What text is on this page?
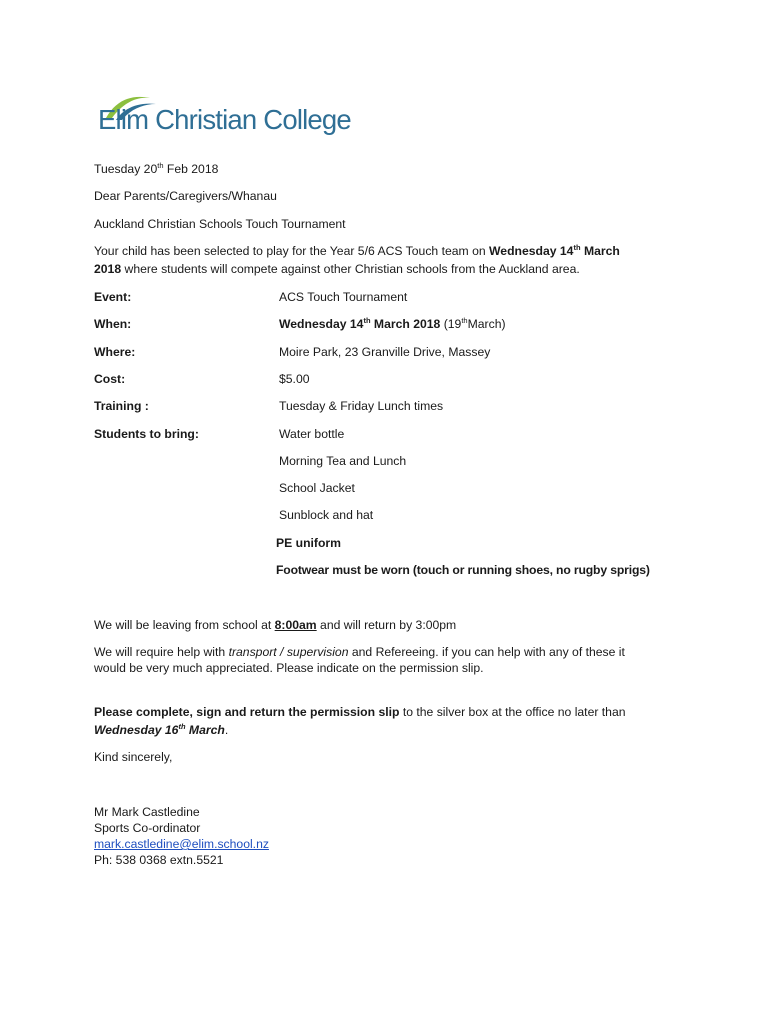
Elim Christian College
Tuesday 20th Feb 2018
Dear Parents/Caregivers/Whanau
Auckland Christian Schools Touch Tournament
Your child has been selected to play for the Year 5/6 ACS Touch team on Wednesday 14th March
2018 where students will compete against other Christian schools from the Auckland area.
Event:	ACS Touch Tournament
When:	Wednesday 14th March 2018 (19thMarch)
Where:	Moire Park, 23 Granville Drive, Massey
Cost:	$5.00
Training :	Tuesday & Friday Lunch times
Students to bring:	Water bottle
Morning Tea and Lunch
School Jacket
Sunblock and hat
PE uniform
Footwear must be worn (touch or running shoes, no rugby sprigs)
We will be leaving from school at 8:00am and will return by 3:00pm
We will require help with transport / supervision and Refereeing. if you can help with any of these it
would be very much appreciated. Please indicate on the permission slip.
Please complete, sign and return the permission slip to the silver box at the office no later than
Wednesday 16th March.
Kind sincerely,
Mr Mark Castledine
Sports Co-ordinator
mark.castledine@elim.school.nz
Ph: 538 0368 extn.5521
